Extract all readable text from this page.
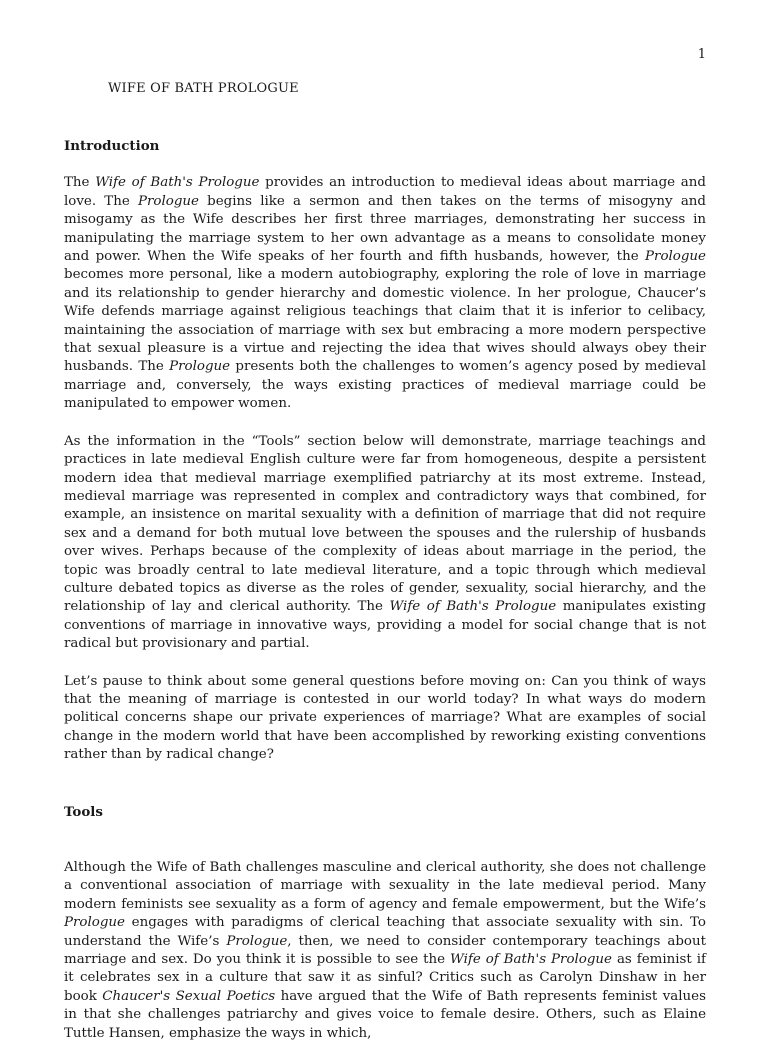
1
WIFE OF BATH PROLOGUE
Introduction

The Wife of Bath's Prologue provides an introduction to medieval ideas about marriage and love. The Prologue begins like a sermon and then takes on the terms of misogyny and misogamy as the Wife describes her first three marriages, demonstrating her success in manipulating the marriage system to her own advantage as a means to consolidate money and power. When the Wife speaks of her fourth and fifth husbands, however, the Prologue becomes more personal, like a modern autobiography, exploring the role of love in marriage and its relationship to gender hierarchy and domestic violence. In her prologue, Chaucer’s Wife defends marriage against religious teachings that claim that it is inferior to celibacy, maintaining the association of marriage with sex but embracing a more modern perspective that sexual pleasure is a virtue and rejecting the idea that wives should always obey their husbands. The Prologue presents both the challenges to women’s agency posed by medieval marriage and, conversely, the ways existing practices of medieval marriage could be manipulated to empower women.

As the information in the “Tools” section below will demonstrate, marriage teachings and practices in late medieval English culture were far from homogeneous, despite a persistent modern idea that medieval marriage exemplified patriarchy at its most extreme. Instead, medieval marriage was represented in complex and contradictory ways that combined, for example, an insistence on marital sexuality with a definition of marriage that did not require sex and a demand for both mutual love between the spouses and the rulership of husbands over wives. Perhaps because of the complexity of ideas about marriage in the period, the topic was broadly central to late medieval literature, and a topic through which medieval culture debated topics as diverse as the roles of gender, sexuality, social hierarchy, and the relationship of lay and clerical authority. The Wife of Bath's Prologue manipulates existing conventions of marriage in innovative ways, providing a model for social change that is not radical but provisionary and partial.

Let’s pause to think about some general questions before moving on: Can you think of ways that the meaning of marriage is contested in our world today? In what ways do modern political concerns shape our private experiences of marriage? What are examples of social change in the modern world that have been accomplished by reworking existing conventions rather than by radical change?

Tools

Although the Wife of Bath challenges masculine and clerical authority, she does not challenge a conventional association of marriage with sexuality in the late medieval period. Many modern feminists see sexuality as a form of agency and female empowerment, but the Wife’s Prologue engages with paradigms of clerical teaching that associate sexuality with sin. To understand the Wife’s Prologue, then, we need to consider contemporary teachings about marriage and sex. Do you think it is possible to see the Wife of Bath's Prologue as feminist if it celebrates sex in a culture that saw it as sinful? Critics such as Carolyn Dinshaw in her book Chaucer's Sexual Poetics have argued that the Wife of Bath represents feminist values in that she challenges patriarchy and gives voice to female desire. Others, such as Elaine Tuttle Hansen, emphasize the ways in which,
